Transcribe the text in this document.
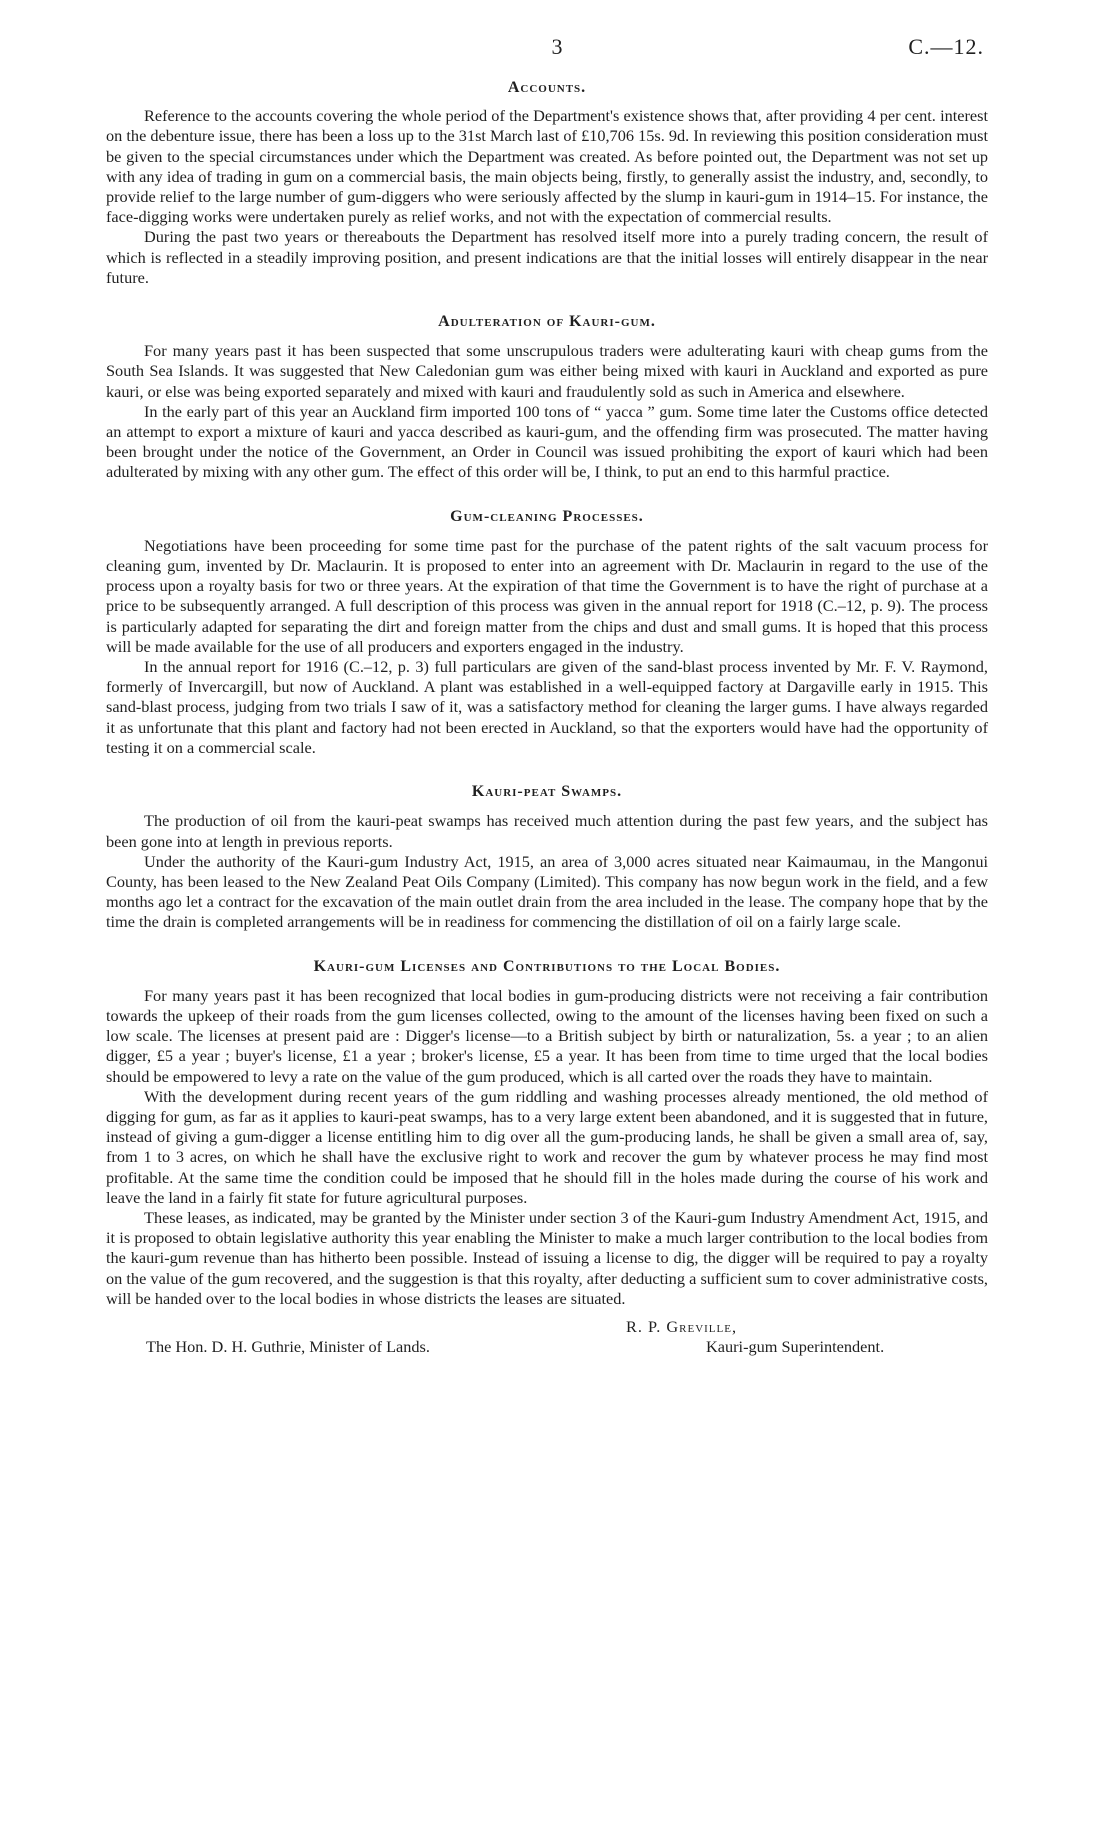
3	C.—12.
Accounts.

Reference to the accounts covering the whole period of the Department's existence shows that, after providing 4 per cent. interest on the debenture issue, there has been a loss up to the 31st March last of £10,706 15s. 9d. In reviewing this position consideration must be given to the special circumstances under which the Department was created. As before pointed out, the Department was not set up with any idea of trading in gum on a commercial basis, the main objects being, firstly, to generally assist the industry, and, secondly, to provide relief to the large number of gum-diggers who were seriously affected by the slump in kauri-gum in 1914–15. For instance, the face-digging works were undertaken purely as relief works, and not with the expectation of commercial results.

During the past two years or thereabouts the Department has resolved itself more into a purely trading concern, the result of which is reflected in a steadily improving position, and present indications are that the initial losses will entirely disappear in the near future.

Adulteration of Kauri-gum.

For many years past it has been suspected that some unscrupulous traders were adulterating kauri with cheap gums from the South Sea Islands. It was suggested that New Caledonian gum was either being mixed with kauri in Auckland and exported as pure kauri, or else was being exported separately and mixed with kauri and fraudulently sold as such in America and elsewhere.

In the early part of this year an Auckland firm imported 100 tons of “ yacca ” gum. Some time later the Customs office detected an attempt to export a mixture of kauri and yacca described as kauri-gum, and the offending firm was prosecuted. The matter having been brought under the notice of the Government, an Order in Council was issued prohibiting the export of kauri which had been adulterated by mixing with any other gum. The effect of this order will be, I think, to put an end to this harmful practice.

Gum-cleaning Processes.

Negotiations have been proceeding for some time past for the purchase of the patent rights of the salt vacuum process for cleaning gum, invented by Dr. Maclaurin. It is proposed to enter into an agreement with Dr. Maclaurin in regard to the use of the process upon a royalty basis for two or three years. At the expiration of that time the Government is to have the right of purchase at a price to be subsequently arranged. A full description of this process was given in the annual report for 1918 (C.–12, p. 9). The process is particularly adapted for separating the dirt and foreign matter from the chips and dust and small gums. It is hoped that this process will be made available for the use of all producers and exporters engaged in the industry.

In the annual report for 1916 (C.–12, p. 3) full particulars are given of the sand-blast process invented by Mr. F. V. Raymond, formerly of Invercargill, but now of Auckland. A plant was established in a well-equipped factory at Dargaville early in 1915. This sand-blast process, judging from two trials I saw of it, was a satisfactory method for cleaning the larger gums. I have always regarded it as unfortunate that this plant and factory had not been erected in Auckland, so that the exporters would have had the opportunity of testing it on a commercial scale.

Kauri-peat Swamps.

The production of oil from the kauri-peat swamps has received much attention during the past few years, and the subject has been gone into at length in previous reports.

Under the authority of the Kauri-gum Industry Act, 1915, an area of 3,000 acres situated near Kaimaumau, in the Mangonui County, has been leased to the New Zealand Peat Oils Company (Limited). This company has now begun work in the field, and a few months ago let a contract for the excavation of the main outlet drain from the area included in the lease. The company hope that by the time the drain is completed arrangements will be in readiness for commencing the distillation of oil on a fairly large scale.

Kauri-gum Licenses and Contributions to the Local Bodies.

For many years past it has been recognized that local bodies in gum-producing districts were not receiving a fair contribution towards the upkeep of their roads from the gum licenses collected, owing to the amount of the licenses having been fixed on such a low scale. The licenses at present paid are : Digger's license—to a British subject by birth or naturalization, 5s. a year ; to an alien digger, £5 a year ; buyer's license, £1 a year ; broker's license, £5 a year. It has been from time to time urged that the local bodies should be empowered to levy a rate on the value of the gum produced, which is all carted over the roads they have to maintain.

With the development during recent years of the gum riddling and washing processes already mentioned, the old method of digging for gum, as far as it applies to kauri-peat swamps, has to a very large extent been abandoned, and it is suggested that in future, instead of giving a gum-digger a license entitling him to dig over all the gum-producing lands, he shall be given a small area of, say, from 1 to 3 acres, on which he shall have the exclusive right to work and recover the gum by whatever process he may find most profitable. At the same time the condition could be imposed that he should fill in the holes made during the course of his work and leave the land in a fairly fit state for future agricultural purposes.

These leases, as indicated, may be granted by the Minister under section 3 of the Kauri-gum Industry Amendment Act, 1915, and it is proposed to obtain legislative authority this year enabling the Minister to make a much larger contribution to the local bodies from the kauri-gum revenue than has hitherto been possible. Instead of issuing a license to dig, the digger will be required to pay a royalty on the value of the gum recovered, and the suggestion is that this royalty, after deducting a sufficient sum to cover administrative costs, will be handed over to the local bodies in whose districts the leases are situated.

R. P. Greville,
The Hon. D. H. Guthrie, Minister of Lands.	Kauri-gum Superintendent.
